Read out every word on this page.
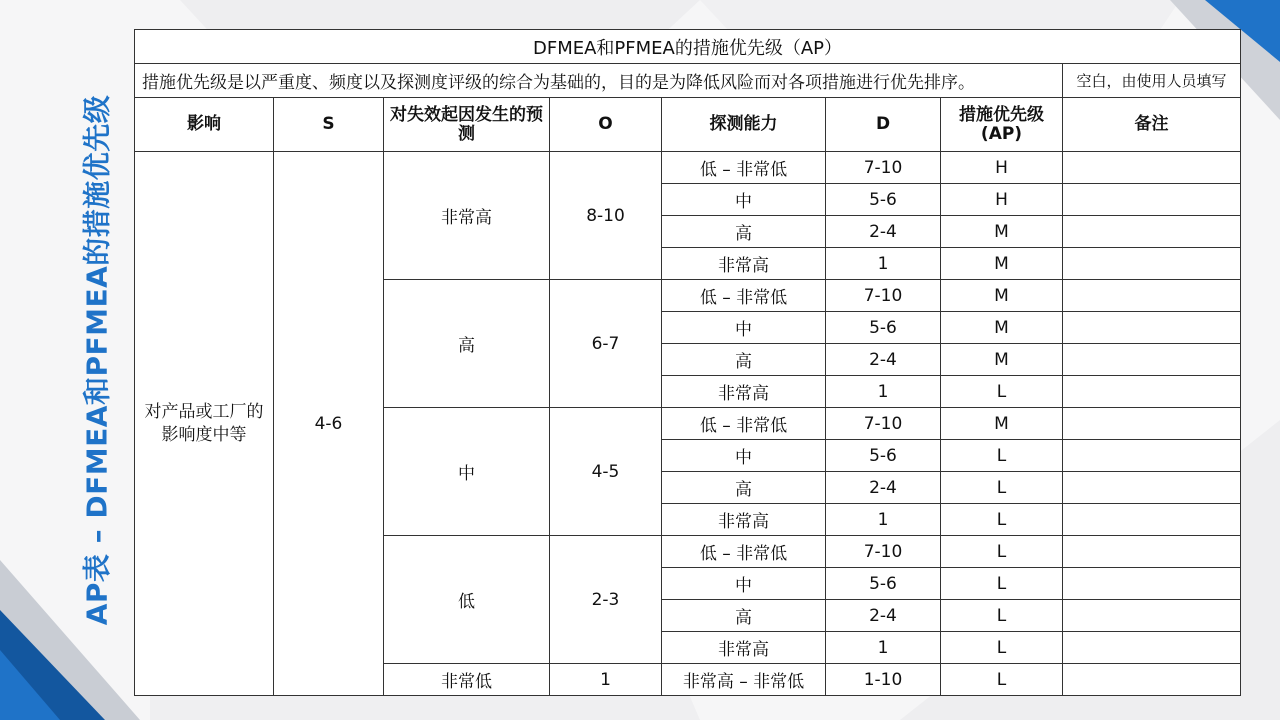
AP表 – DFMEA和PFMEA的措施优先级
DFMEA和PFMEA的措施优先级（AP）							
措施优先级是以严重度、频度以及探测度评级的综合为基础的，目的是为降低风险而对各项措施进行优先排序。							空白，由使用人员填写
影响	S	对失效起因发生的预测	O	探测能力	D	措施优先级(AP)	备注
对产品或工厂的影响度中等	4-6	非常高	8-10	低 – 非常低	7-10	H	
				中	5-6	H	
				高	2-4	M	
				非常高	1	M	
		高	6-7	低 – 非常低	7-10	M	
				中	5-6	M	
				高	2-4	M	
				非常高	1	L	
		中	4-5	低 – 非常低	7-10	M	
				中	5-6	L	
				高	2-4	L	
				非常高	1	L	
		低	2-3	低 – 非常低	7-10	L	
				中	5-6	L	
				高	2-4	L	
				非常高	1	L	
		非常低	1	非常高 – 非常低	1-10	L	
